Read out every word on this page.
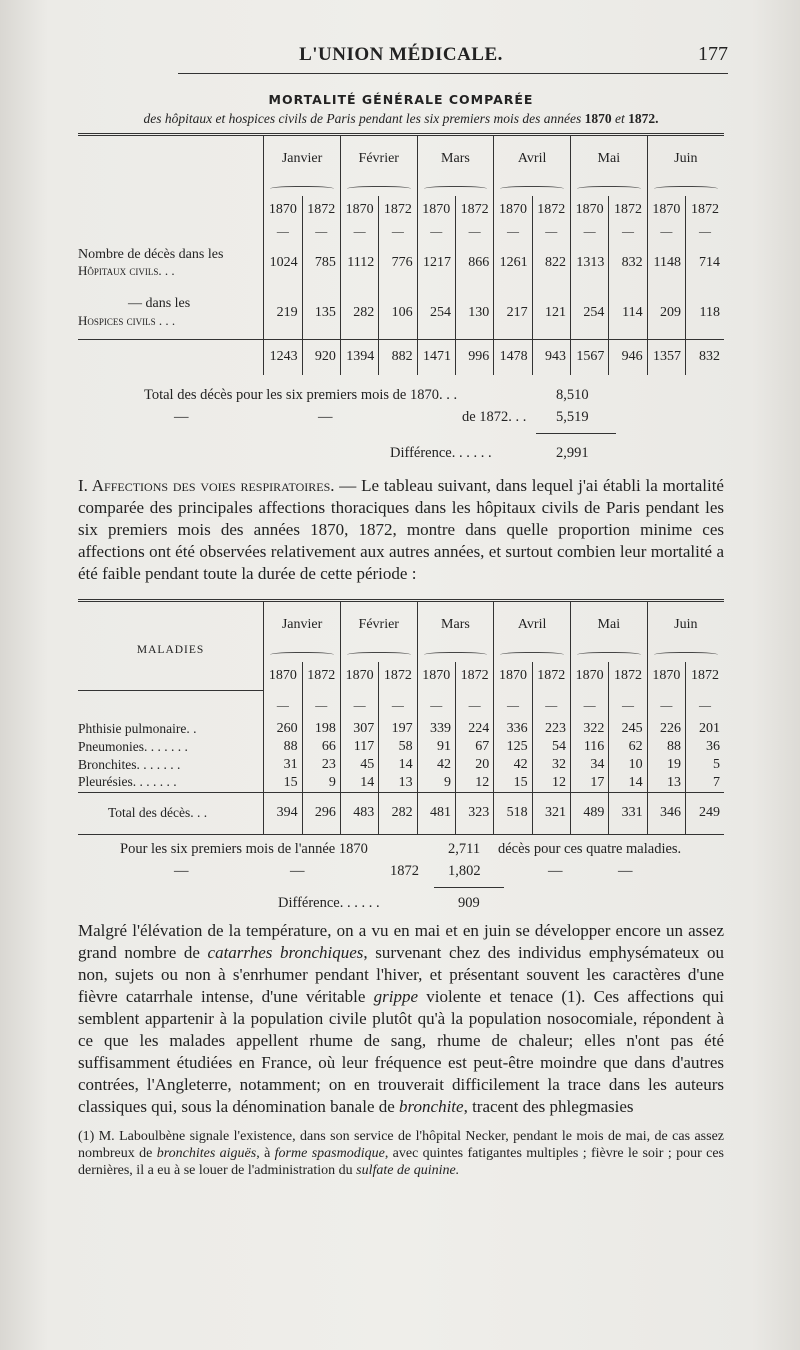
L'UNION MÉDICALE.	177
MORTALITÉ GÉNÉRALE COMPARÉE
des hôpitaux et hospices civils de Paris pendant les six premiers mois des années 1870 et 1872.
	Janvier		Février		Mars		Avril		Mai		Juin	

	1870	1872	1870	1872	1870	1872	1870	1872	1870	1872	1870	1872
	—	—	—	—	—	—	—	—	—	—	—	—
Nombre de décès dans les
Hôpitaux civils. . .	1024	785	1112	776	1217	866	1261	822	1313	832	1148	714
— dans les
Hospices civils . . .	219	135	282	106	254	130	217	121	254	114	209	118
	1243	920	1394	882	1471	996	1478	943	1567	946	1357	832
Total des décès pour les six premiers mois de 1870. . .	8,510
—	—	de 1872. . . 5,519
Différence. . . . . .	2,991

I. Affections des voies respiratoires. — Le tableau suivant, dans lequel j'ai établi la mortalité comparée des principales affections thoraciques dans les hôpitaux civils de Paris pendant les six premiers mois des années 1870, 1872, montre dans quelle proportion minime ces affections ont été observées relativement aux autres années, et surtout combien leur mortalité a été faible pendant toute la durée de cette période :

MALADIES	Janvier		Février		Mars		Avril		Mai		Juin	

	1870	1872	1870	1872	1870	1872	1870	1872	1870	1872	1870	1872
	—	—	—	—	—	—	—	—	—	—	—	—
Phthisie pulmonaire. .	260	198	307	197	339	224	336	223	322	245	226	201
Pneumonies. . . . . . .	88	66	117	58	91	67	125	54	116	62	88	36
Bronchites. . . . . . .	31	23	45	14	42	20	42	32	34	10	19	5
Pleurésies. . . . . . .	15	9	14	13	9	12	15	12	17	14	13	7
Total des décès. . .	394	296	483	282	481	323	518	321	489	331	346	249
Pour les six premiers mois de l'année 1870	2,711 décès pour ces quatre maladies.
—	—	1872 1,802	—	—
Différence. . . . . .	909

Malgré l'élévation de la température, on a vu en mai et en juin se développer encore un assez grand nombre de catarrhes bronchiques, survenant chez des individus emphysémateux ou non, sujets ou non à s'enrhumer pendant l'hiver, et présentant souvent les caractères d'une fièvre catarrhale intense, d'une véritable grippe violente et tenace (1). Ces affections qui semblent appartenir à la population civile plutôt qu'à la population nosocomiale, répondent à ce que les malades appellent rhume de sang, rhume de chaleur; elles n'ont pas été suffisamment étudiées en France, où leur fréquence est peut-être moindre que dans d'autres contrées, l'Angleterre, notamment; on en trouverait difficilement la trace dans les auteurs classiques qui, sous la dénomination banale de bronchite, tracent des phlegmasies

(1) M. Laboulbène signale l'existence, dans son service de l'hôpital Necker, pendant le mois de mai, de cas assez nombreux de bronchites aiguës, à forme spasmodique, avec quintes fatigantes multiples ; fièvre le soir ; pour ces dernières, il a eu à se louer de l'administration du sulfate de quinine.
